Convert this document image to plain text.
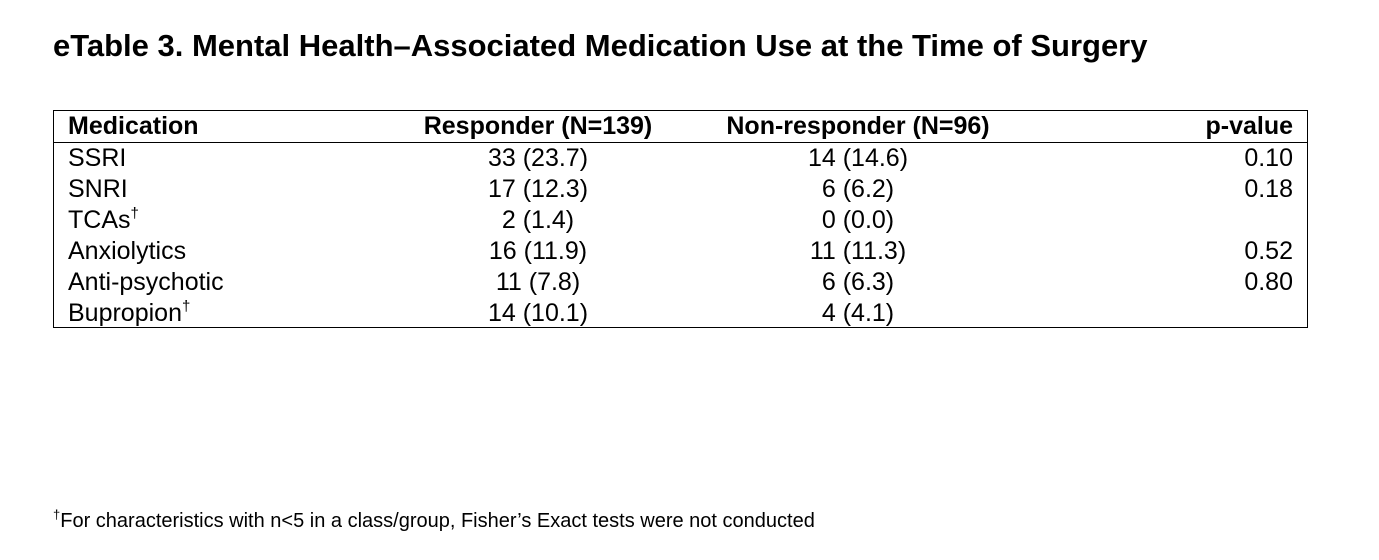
eTable 3. Mental Health–Associated Medication Use at the Time of Surgery
Medication	Responder (N=139)	Non-responder (N=96)	p-value
SSRI	33 (23.7)	14 (14.6)	0.10
SNRI	17 (12.3)	6 (6.2)	0.18
TCAs†	2 (1.4)	0 (0.0)	
Anxiolytics	16 (11.9)	11 (11.3)	0.52
Anti-psychotic	11 (7.8)	6 (6.3)	0.80
Bupropion†	14 (10.1)	4 (4.1)	
†For characteristics with n<5 in a class/group, Fisher’s Exact tests were not conducted
